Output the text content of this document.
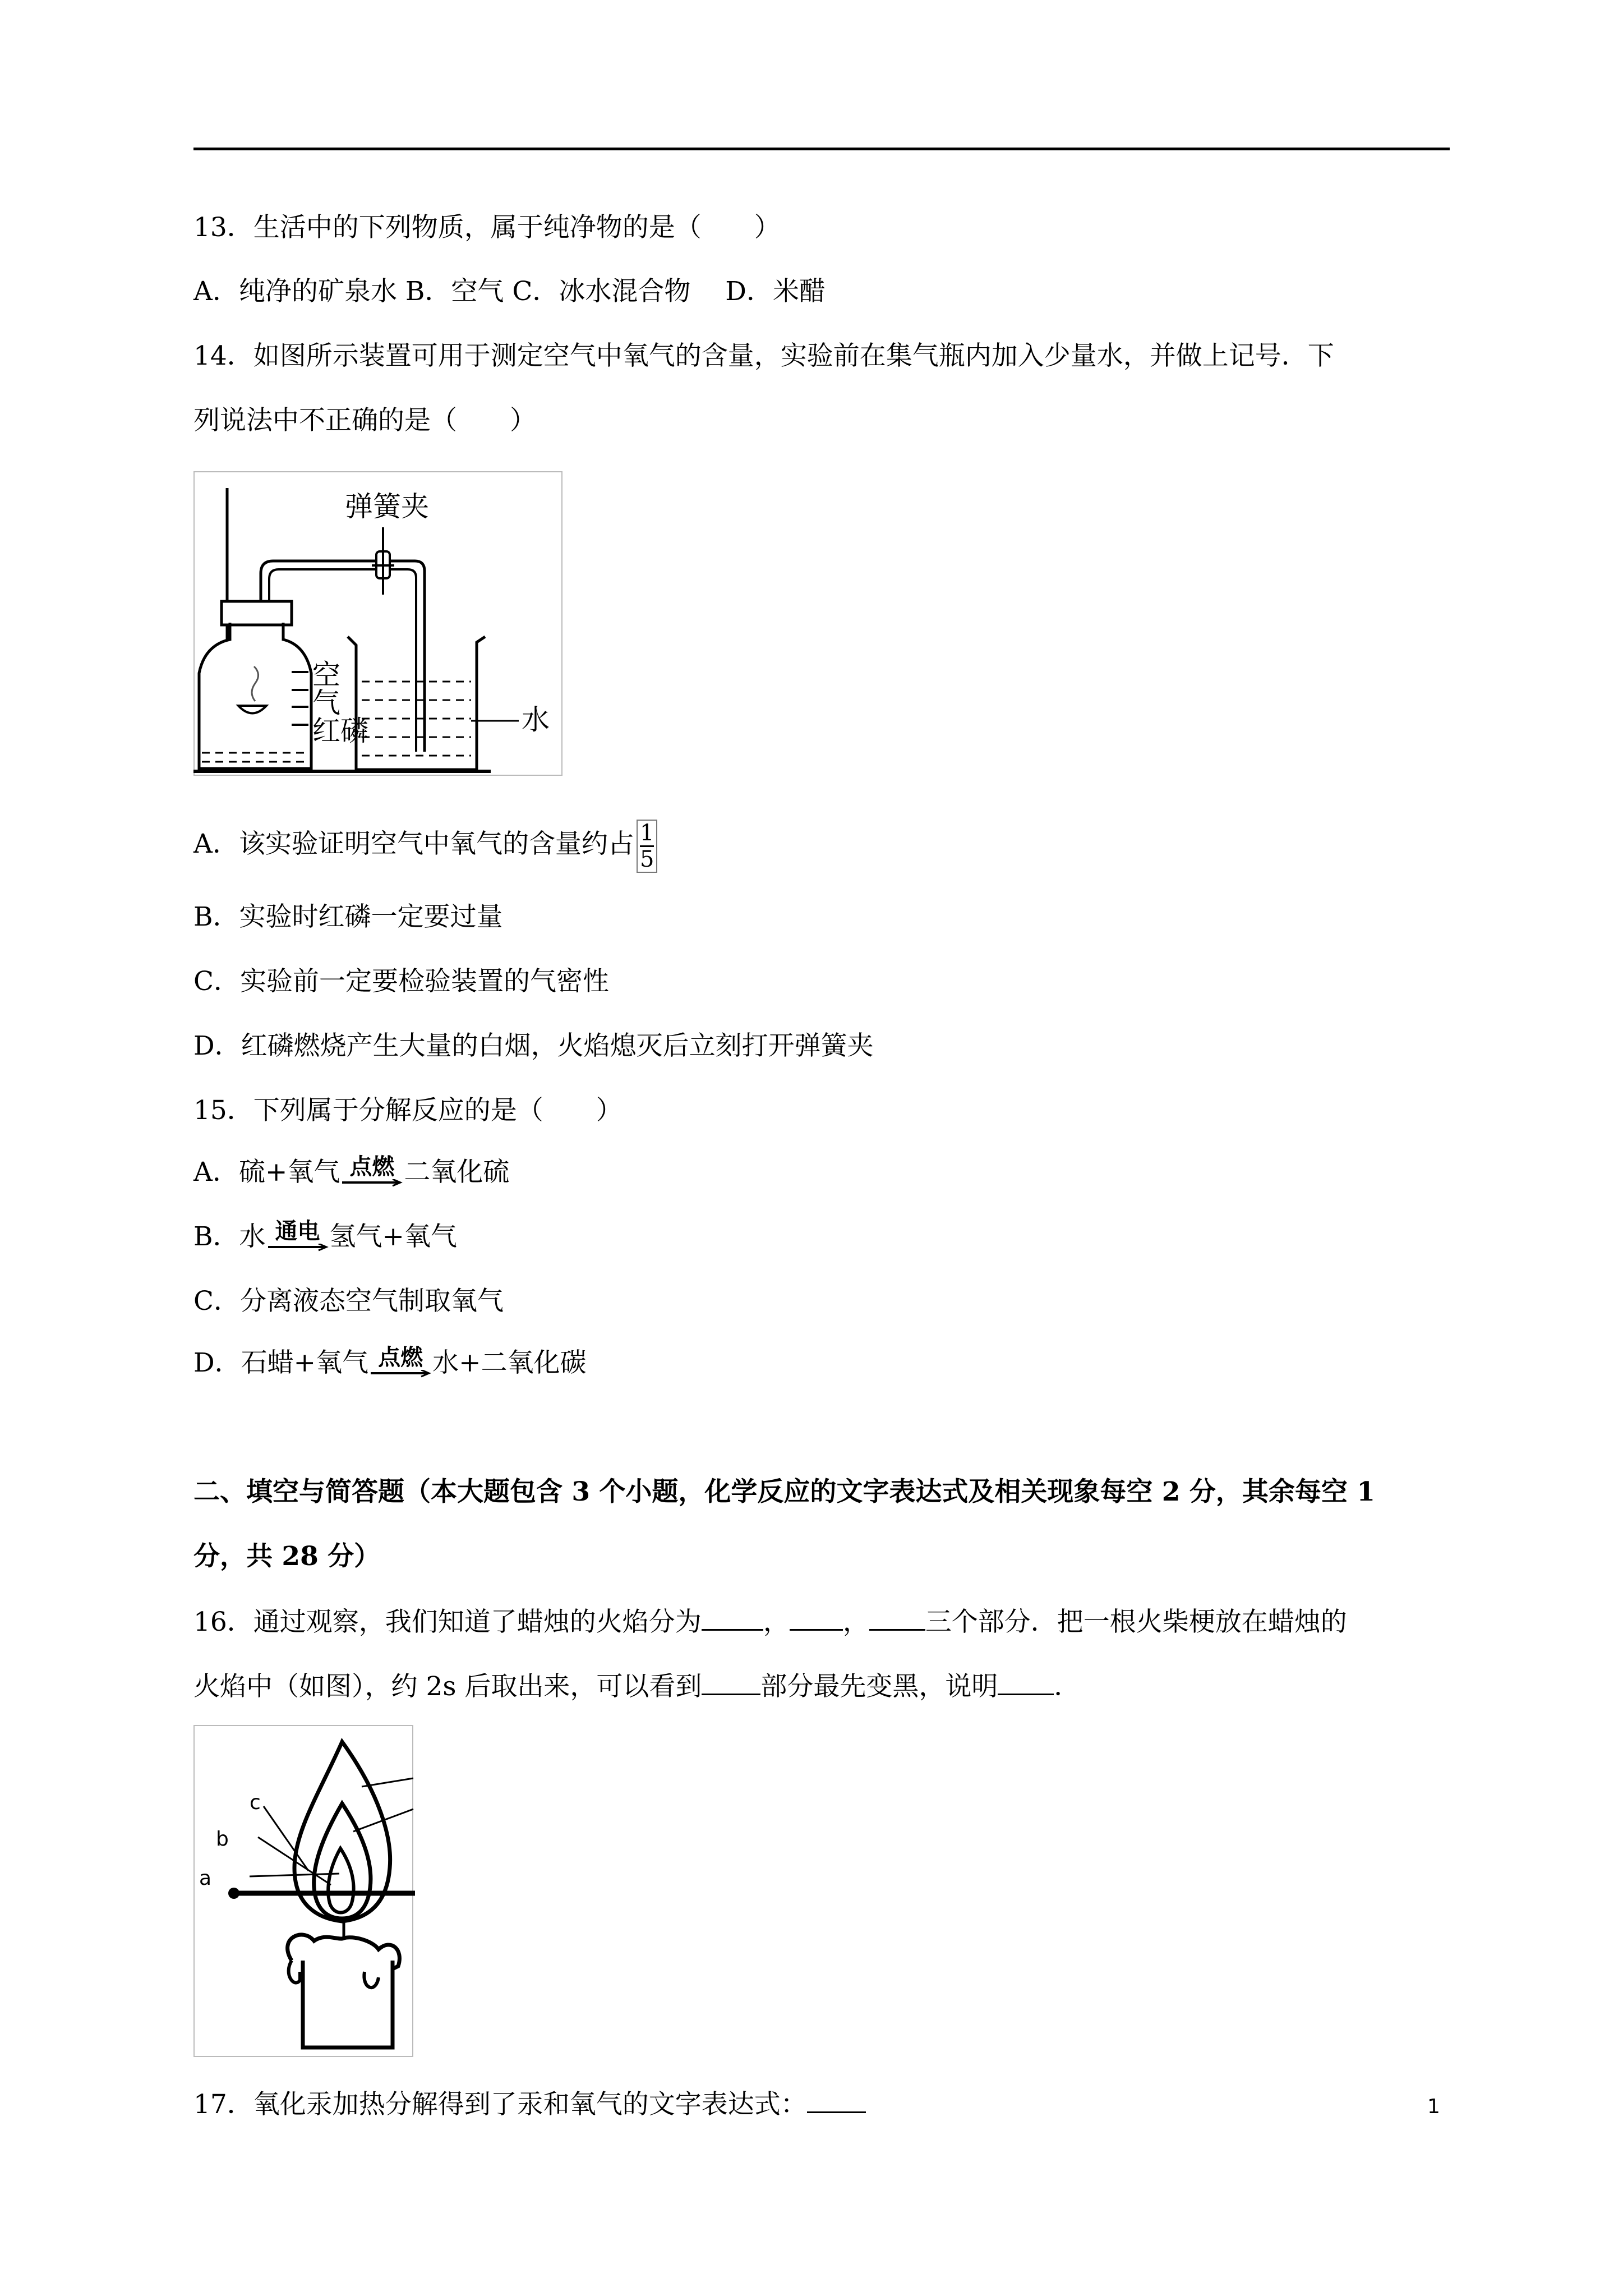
13．生活中的下列物质，属于纯净物的是（　　）
A．纯净的矿泉水 B．空气 C．冰水混合物　 D．米醋
14．如图所示装置可用于测定空气中氧气的含量，实验前在集气瓶内加入少量水，并做上记号．下
列说法中不正确的是（　　）
弹簧夹
空
气
红磷	水
A．该实验证明空气中氧气的含量约占 $\frac{1}{5}$
B．实验时红磷一定要过量
C．实验前一定要检验装置的气密性
D．红磷燃烧产生大量的白烟，火焰熄灭后立刻打开弹簧夹
15．下列属于分解反应的是（　　）
A．硫+氧气 点燃 二氧化硫
B．水 通电 氢气+氧气
C．分离液态空气制取氧气
D．石蜡+氧气 点燃 水+二氧化碳
二、填空与简答题（本大题包含 3 个小题，化学反应的文字表达式及相关现象每空 2 分，其余每空 1
分，共 28 分）
16．通过观察，我们知道了蜡烛的火焰分为 ， ， 三个部分．把一根火柴梗放在蜡烛的
火焰中（如图），约 2s 后取出来，可以看到 部分最先变黑，说明 ．
a
b
c
17．氧化汞加热分解得到了汞和氧气的文字表达式：	1
